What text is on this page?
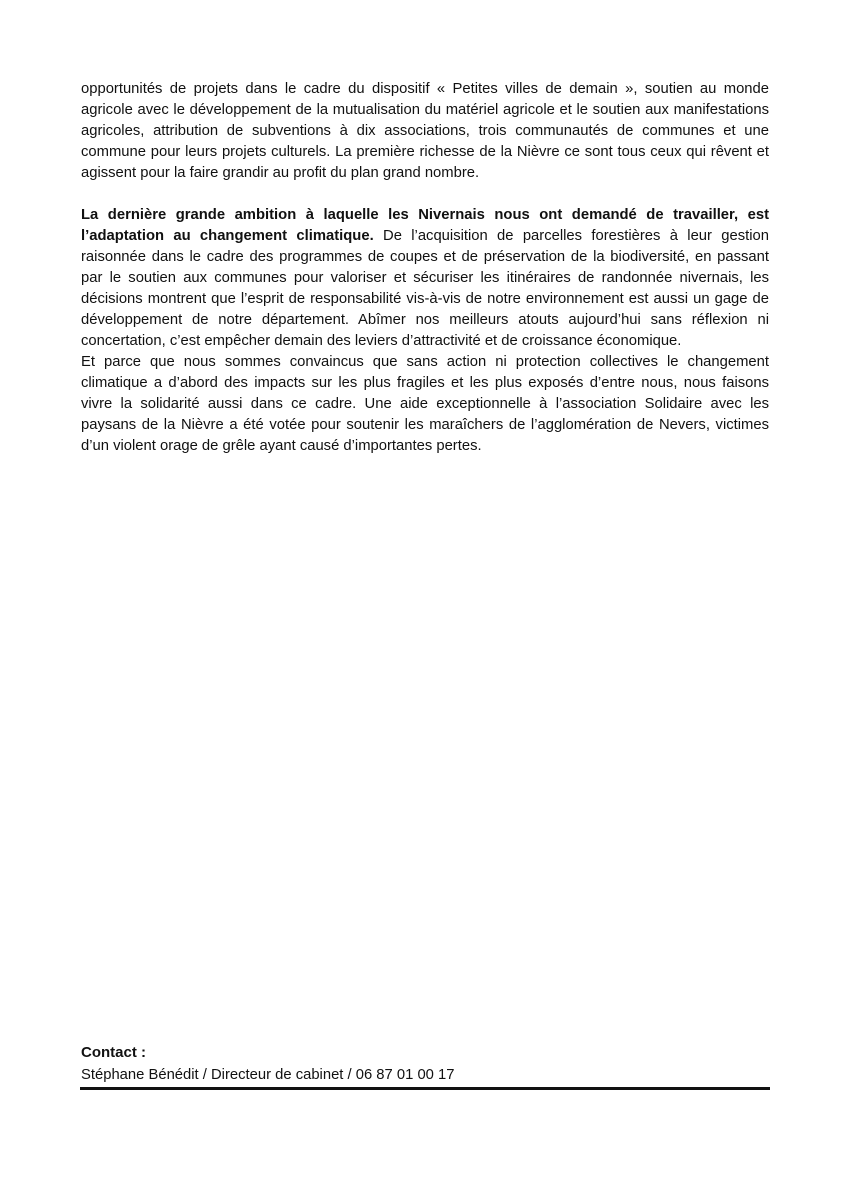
opportunités de projets dans le cadre du dispositif « Petites villes de demain », soutien au monde agricole avec le développement de la mutualisation du matériel agricole et le soutien aux manifestations agricoles, attribution de subventions à dix associations, trois communautés de communes et une commune pour leurs projets culturels. La première richesse de la Nièvre ce sont tous ceux qui rêvent et agissent pour la faire grandir au profit du plan grand nombre.

La dernière grande ambition à laquelle les Nivernais nous ont demandé de travailler, est l’adaptation au changement climatique. De l’acquisition de parcelles forestières à leur gestion raisonnée dans le cadre des programmes de coupes et de préservation de la biodiversité, en passant par le soutien aux communes pour valoriser et sécuriser les itinéraires de randonnée nivernais, les décisions montrent que l’esprit de responsabilité vis-à-vis de notre environnement est aussi un gage de développement de notre département. Abîmer nos meilleurs atouts aujourd’hui sans réflexion ni concertation, c’est empêcher demain des leviers d’attractivité et de croissance économique.

Et parce que nous sommes convaincus que sans action ni protection collectives le changement climatique a d’abord des impacts sur les plus fragiles et les plus exposés d’entre nous, nous faisons vivre la solidarité aussi dans ce cadre. Une aide exceptionnelle à l’association Solidaire avec les paysans de la Nièvre a été votée pour soutenir les maraîchers de l’agglomération de Nevers, victimes d’un violent orage de grêle ayant causé d’importantes pertes.

Contact :
Stéphane Bénédit / Directeur de cabinet / 06 87 01 00 17
